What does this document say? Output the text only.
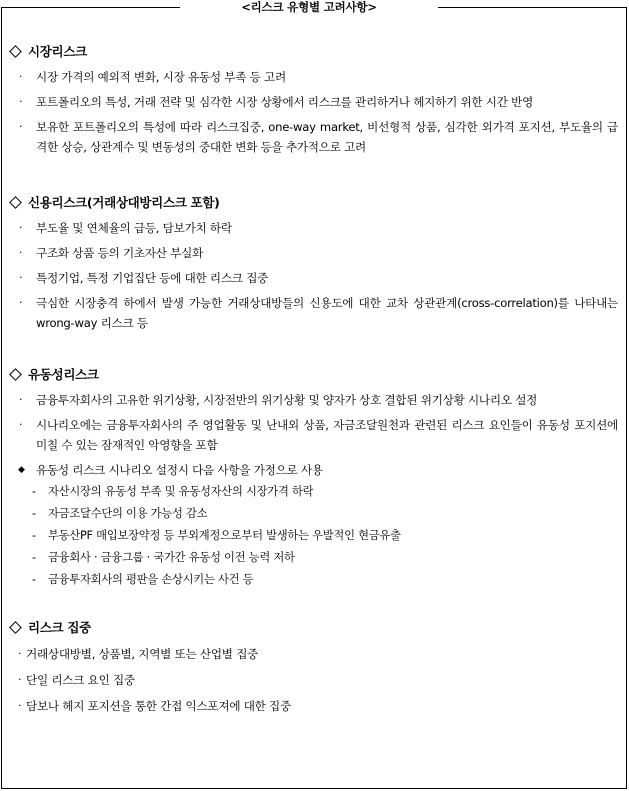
<리스크 유형별 고려사항>
시장리스크
· 시장 가격의 예외적 변화, 시장 유동성 부족 등 고려
· 포트폴리오의 특성, 거래 전략 및 심각한 시장 상황에서 리스크를 관리하거나 헤지하기 위한 시간 반영
· 보유한 포트폴리오의 특성에 따라 리스크집중, one-way market, 비선형적 상품, 심각한 외가격 포지션, 부도율의 급격한 상승, 상관계수 및 변동성의 중대한 변화 등을 추가적으로 고려
신용리스크(거래상대방리스크 포함)
· 부도율 및 연체율의 급등, 담보가치 하락
· 구조화 상품 등의 기초자산 부실화
· 특정기업, 특정 기업집단 등에 대한 리스크 집중
· 극심한 시장충격 하에서 발생 가능한 거래상대방들의 신용도에 대한 교차 상관관계(cross-correlation)를 나타내는 wrong-way 리스크 등
유동성리스크
· 금융투자회사의 고유한 위기상황, 시장전반의 위기상황 및 양자가 상호 결합된 위기상황 시나리오 설정
· 시나리오에는 금융투자회사의 주 영업활동 및 난내외 상품, 자금조달원천과 관련된 리스크 요인들이 유동성 포지션에 미칠 수 있는 잠재적인 악영향을 포함
◆ 유동성 리스크 시나리오 설정시 다음 사항을 가정으로 사용
- 자산시장의 유동성 부족 및 유동성자산의 시장가격 하락
- 자금조달수단의 이용 가능성 감소
- 부동산PF 매입보장약정 등 부외계정으로부터 발생하는 우발적인 현금유출
- 금융회사 · 금융그룹 · 국가간 유동성 이전 능력 저하
- 금융투자회사의 평판을 손상시키는 사건 등
리스크 집중
· 거래상대방별, 상품별, 지역별 또는 산업별 집중
· 단일 리스크 요인 집중
· 담보나 헤지 포지션을 통한 간접 익스포져에 대한 집중
